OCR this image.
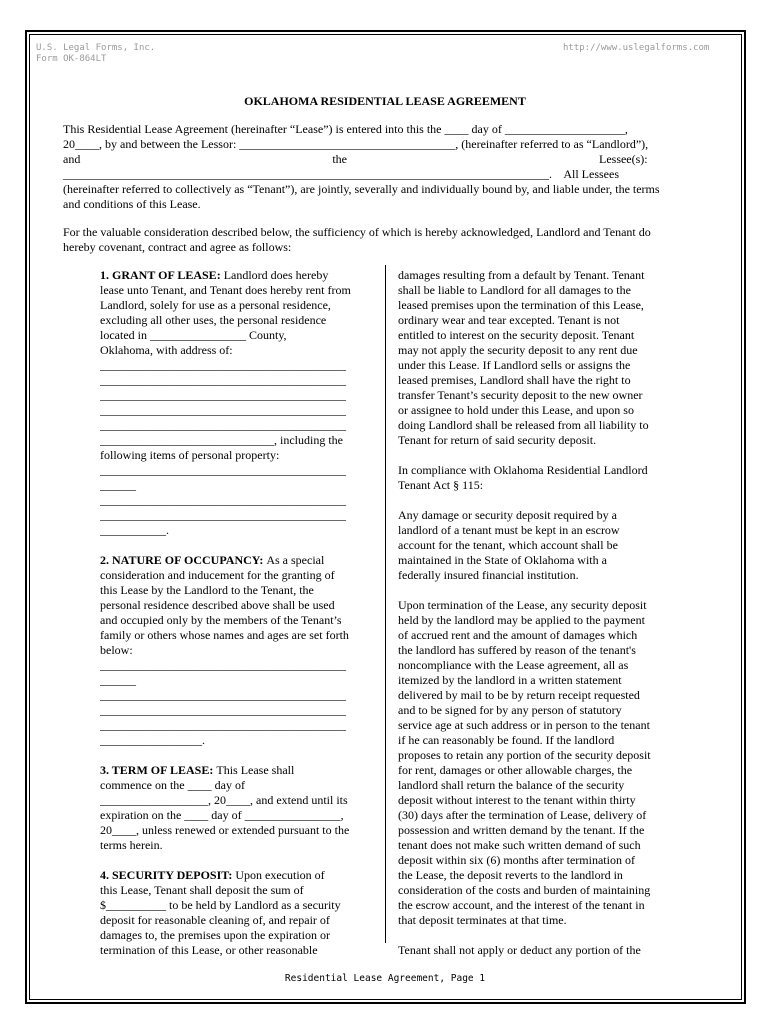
U.S. Legal Forms, Inc.
Form OK-864LT
http://www.uslegalforms.com
OKLAHOMA RESIDENTIAL LEASE AGREEMENT
This Residential Lease Agreement (hereinafter “Lease”) is entered into this the ____ day of ____________________,
20____, by and between the Lessor: ____________________________________, (hereinafter referred to as “Landlord”),
and                                                                                    the                                                                                    Lessee(s):
_________________________________________________________________________________.    All Lessees
(hereinafter referred to collectively as “Tenant”), are jointly, severally and individually bound by, and liable under, the terms
and conditions of this Lease.
For the valuable consideration described below, the sufficiency of which is hereby acknowledged, Landlord and Tenant do
hereby covenant, contract and agree as follows:

1. GRANT OF LEASE: Landlord does hereby
lease unto Tenant, and Tenant does hereby rent from
Landlord, solely for use as a personal residence,
excluding all other uses, the personal residence
located in ________________ County,
Oklahoma, with address of:
_________________________________________
_________________________________________
_________________________________________
_________________________________________
_________________________________________
_____________________________, including the
following items of personal property:
_________________________________________
______
_________________________________________
_________________________________________
___________.

2. NATURE OF OCCUPANCY: As a special
consideration and inducement for the granting of
this Lease by the Landlord to the Tenant, the
personal residence described above shall be used
and occupied only by the members of the Tenant’s
family or others whose names and ages are set forth
below:
_________________________________________
______
_________________________________________
_________________________________________
_________________________________________
_________________.

3. TERM OF LEASE: This Lease shall
commence on the ____ day of
__________________, 20____, and extend until its
expiration on the ____ day of ________________,
20____, unless renewed or extended pursuant to the
terms herein.

4. SECURITY DEPOSIT: Upon execution of
this Lease, Tenant shall deposit the sum of
$__________ to be held by Landlord as a security
deposit for reasonable cleaning of, and repair of
damages to, the premises upon the expiration or
termination of this Lease, or other reasonable

damages resulting from a default by Tenant. Tenant
shall be liable to Landlord for all damages to the
leased premises upon the termination of this Lease,
ordinary wear and tear excepted. Tenant is not
entitled to interest on the security deposit. Tenant
may not apply the security deposit to any rent due
under this Lease. If Landlord sells or assigns the
leased premises, Landlord shall have the right to
transfer Tenant’s security deposit to the new owner
or assignee to hold under this Lease, and upon so
doing Landlord shall be released from all liability to
Tenant for return of said security deposit.

In compliance with Oklahoma Residential Landlord
Tenant Act § 115:

Any damage or security deposit required by a
landlord of a tenant must be kept in an escrow
account for the tenant, which account shall be
maintained in the State of Oklahoma with a
federally insured financial institution.

Upon termination of the Lease, any security deposit
held by the landlord may be applied to the payment
of accrued rent and the amount of damages which
the landlord has suffered by reason of the tenant's
noncompliance with the Lease agreement, all as
itemized by the landlord in a written statement
delivered by mail to be by return receipt requested
and to be signed for by any person of statutory
service age at such address or in person to the tenant
if he can reasonably be found. If the landlord
proposes to retain any portion of the security deposit
for rent, damages or other allowable charges, the
landlord shall return the balance of the security
deposit without interest to the tenant within thirty
(30) days after the termination of Lease, delivery of
possession and written demand by the tenant. If the
tenant does not make such written demand of such
deposit within six (6) months after termination of
the Lease, the deposit reverts to the landlord in
consideration of the costs and burden of maintaining
the escrow account, and the interest of the tenant in
that deposit terminates at that time.

Tenant shall not apply or deduct any portion of the

Residential Lease Agreement, Page 1
